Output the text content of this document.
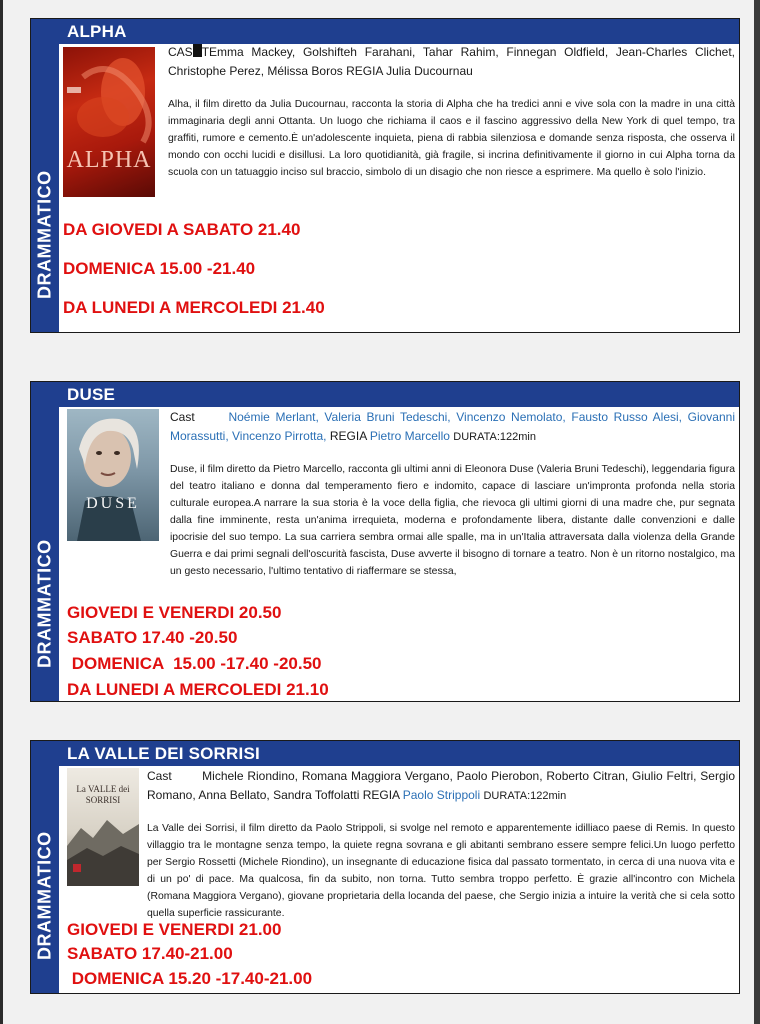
DRAMMATICO
ALPHA
ALPHA
CAS TEmma Mackey, Golshifteh Farahani, Tahar Rahim, Finnegan Oldfield, Jean-Charles Clichet, Christophe Perez, Mélissa Boros REGIA Julia Ducournau
Alha, il film diretto da Julia Ducournau, racconta la storia di Alpha che ha tredici anni e vive sola con la madre in una città immaginaria degli anni Ottanta. Un luogo che richiama il caos e il fascino aggressivo della New York di quel tempo, tra graffiti, rumore e cemento.È un'adolescente inquieta, piena di rabbia silenziosa e domande senza risposta, che osserva il mondo con occhi lucidi e disillusi. La loro quotidianità, già fragile, si incrina definitivamente il giorno in cui Alpha torna da scuola con un tatuaggio inciso sul braccio, simbolo di un disagio che non riesce a esprimere. Ma quello è solo l'inizio.
DA GIOVEDI A SABATO 21.40
DOMENICA 15.00 -21.40
DA LUNEDI A MERCOLEDI 21.40
DRAMMATICO
DUSE
DUSE
Cast	Noémie Merlant, Valeria Bruni Tedeschi, Vincenzo Nemolato, Fausto Russo Alesi, Giovanni Morassutti, Vincenzo Pirrotta, REGIA Pietro Marcello DURATA:122min
Duse, il film diretto da Pietro Marcello, racconta gli ultimi anni di Eleonora Duse (Valeria Bruni Tedeschi), leggendaria figura del teatro italiano e donna dal temperamento fiero e indomito, capace di lasciare un'impronta profonda nella storia culturale europea.A narrare la sua storia è la voce della figlia, che rievoca gli ultimi giorni di una madre che, pur segnata dalla fine imminente, resta un'anima irrequieta, moderna e profondamente libera, distante dalle convenzioni e dalle ipocrisie del suo tempo. La sua carriera sembra ormai alle spalle, ma in un'Italia attraversata dalla violenza della Grande Guerra e dai primi segnali dell'oscurità fascista, Duse avverte il bisogno di tornare a teatro. Non è un ritorno nostalgico, ma un gesto necessario, l'ultimo tentativo di riaffermare se stessa,
GIOVEDI E VENERDI 20.50
SABATO 17.40 -20.50
DOMENICA  15.00 -17.40 -20.50
DA LUNEDI A MERCOLEDI 21.10
DRAMMATICO
LA VALLE DEI SORRISI
La VALLE dei SORRISI
Cast	Michele Riondino, Romana Maggiora Vergano, Paolo Pierobon, Roberto Citran, Giulio Feltri, Sergio Romano, Anna Bellato, Sandra Toffolatti REGIA Paolo Strippoli DURATA:122min
La Valle dei Sorrisi, il film diretto da Paolo Strippoli, si svolge nel remoto e apparentemente idilliaco paese di Remis. In questo villaggio tra le montagne senza tempo, la quiete regna sovrana e gli abitanti sembrano essere sempre felici.Un luogo perfetto per Sergio Rossetti (Michele Riondino), un insegnante di educazione fisica dal passato tormentato, in cerca di una nuova vita e di un po' di pace. Ma qualcosa, fin da subito, non torna. Tutto sembra troppo perfetto. È grazie all'incontro con Michela (Romana Maggiora Vergano), giovane proprietaria della locanda del paese, che Sergio inizia a intuire la verità che si cela sotto quella superficie rassicurante.
GIOVEDI E VENERDI 21.00
SABATO 17.40-21.00
DOMENICA 15.20 -17.40-21.00
